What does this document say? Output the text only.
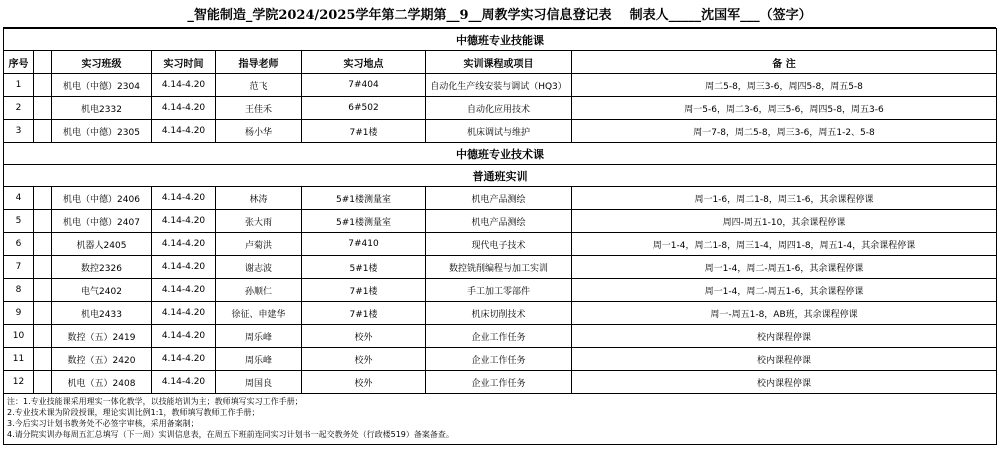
_智能制造_学院2024/2025学年第二学期第__9__周教学实习信息登记表 制表人_____沈国军___（签字）
中德班专业技能课							
序号		实习班级	实习时间	指导老师	实习地点	实训课程或项目	备 注
1		机电（中德）2304	4.14-4.20	范飞	7#404	自动化生产线安装与调试（HQ3）	周二5-8，周三3-6，周四5-8，周五5-8
2		机电2332	4.14-4.20	王佳禾	6#502	自动化应用技术	周一5-6，周二3-6，周三5-6，周四5-8，周五3-6
3		机电（中德）2305	4.14-4.20	杨小华	7#1楼	机床调试与维护	周一7-8，周二5-8，周三3-6，周五1-2、5-8
中德班专业技术课							
普通班实训							
4		机电（中德）2406	4.14-4.20	林涛	5#1楼测量室	机电产品测绘	周一1-6，周二1-8，周三1-6，其余课程停课
5		机电（中德）2407	4.14-4.20	张大雨	5#1楼测量室	机电产品测绘	周四-周五1-10，其余课程停课
6		机器人2405	4.14-4.20	卢菊洪	7#410	现代电子技术	周一1-4，周二1-8，周三1-4，周四1-8，周五1-4，其余课程停课
7		数控2326	4.14-4.20	谢志波	5#1楼	数控铣削编程与加工实训	周一1-4，周二-周五1-6，其余课程停课
8		电气2402	4.14-4.20	孙顺仁	7#1楼	手工加工零部件	周一1-4，周二-周五1-6，其余课程停课
9		机电2433	4.14-4.20	徐征、申建华	7#1楼	机床切削技术	周一-周五1-8，AB班，其余课程停课
10		数控（五）2419	4.14-4.20	周乐峰	校外	企业工作任务	校内课程停课
11		数控（五）2420	4.14-4.20	周乐峰	校外	企业工作任务	校内课程停课
12		机电（五）2408	4.14-4.20	周国良	校外	企业工作任务	校内课程停课

注：1.专业技能课采用理实一体化教学，以技能培训为主；教师填写实习工作手册；
2.专业技术课为阶段授课，理论实训比例1:1，教师填写教师工作手册；
3.今后实习计划书教务处不必签字审核，采用备案制；
4.请分院实训办每周五汇总填写（下一周）实训信息表，在周五下班前连同实习计划书一起交教务处（行政楼519）备案备查。							
